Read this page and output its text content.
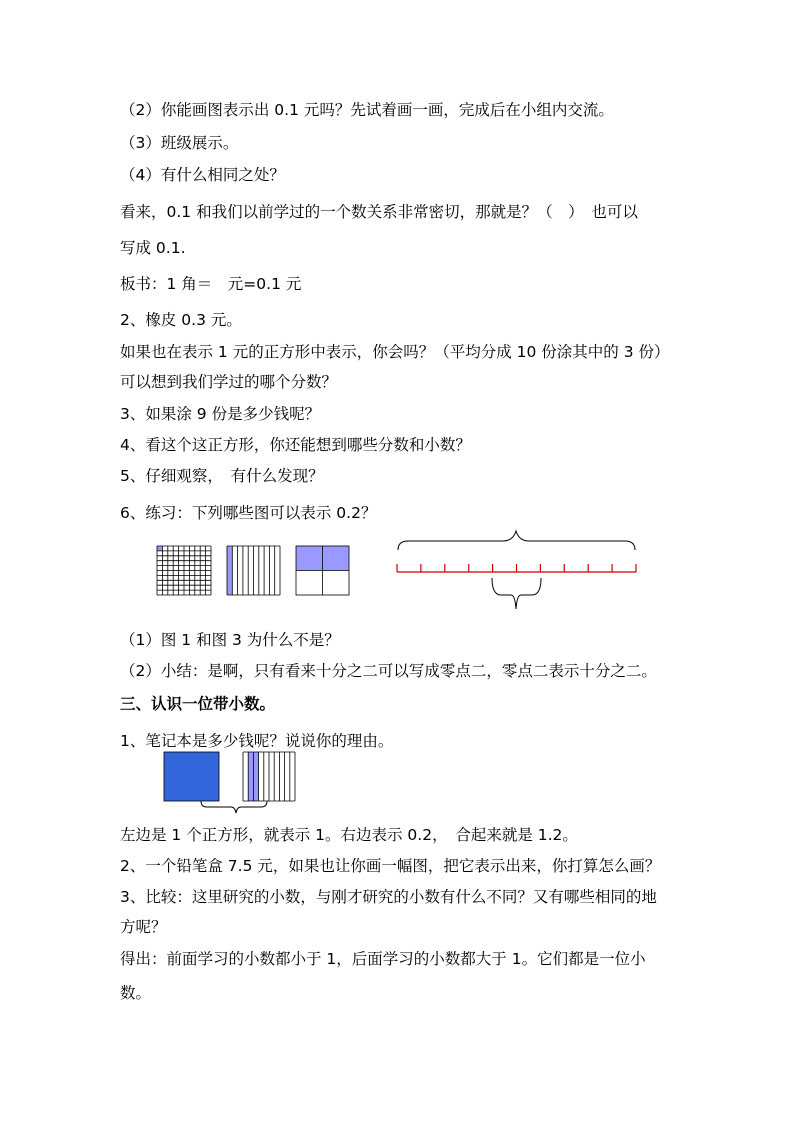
（2）你能画图表示出 0.1 元吗？先试着画一画，完成后在小组内交流。
（3）班级展示。
（4）有什么相同之处？
看来，0.1 和我们以前学过的一个数关系非常密切，那就是？（　）　也可以
写成 0.1.
板书：1 角＝　元=0.1 元
2、橡皮 0.3 元。
如果也在表示 1 元的正方形中表示，你会吗？（平均分成 10 份涂其中的 3 份）
可以想到我们学过的哪个分数？
3、如果涂 9 份是多少钱呢？
4、看这个这正方形，你还能想到哪些分数和小数？
5、仔细观察，　有什么发现？
6、练习：下列哪些图可以表示 0.2？
（1）图 1 和图 3 为什么不是？
（2）小结：是啊，只有看来十分之二可以写成零点二，零点二表示十分之二。
三、认识一位带小数。
1、笔记本是多少钱呢？说说你的理由。
左边是 1 个正方形，就表示 1。右边表示 0.2，　合起来就是 1.2。
2、一个铅笔盒 7.5 元，如果也让你画一幅图，把它表示出来，你打算怎么画？
3、比较：这里研究的小数，与刚才研究的小数有什么不同？又有哪些相同的地
方呢？
得出：前面学习的小数都小于 1，后面学习的小数都大于 1。它们都是一位小
数。
